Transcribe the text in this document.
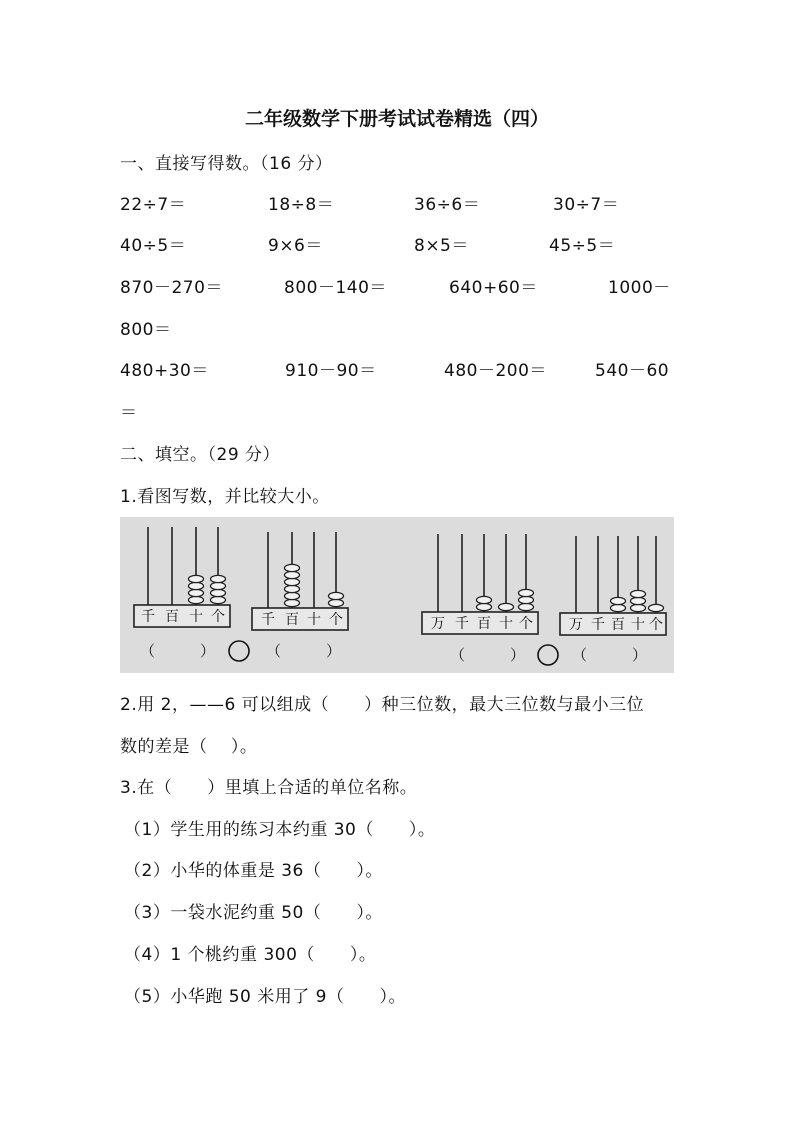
二年级数学下册考试试卷精选（四）
一、直接写得数。（16 分）
22÷7＝	18÷8＝	36÷6＝	30÷7＝
40÷5＝	9×6＝	8×5＝	45÷5＝
870－270＝	800－140＝	640+60＝	1000－
800＝
480+30＝	910－90＝	480－200＝	540－60
＝
二、填空。（29 分）
1.看图写数，并比较大小。
千 百 十 个	千 百 十 个	万 千 百 十 个	万 千 百 十 个
（　　　）	（　　　）	（　　　）	（　　　）
2.用 2，——6 可以组成（　　）种三位数，最大三位数与最小三位
数的差是（　 ）。
3.在（　　）里填上合适的单位名称。
（1）学生用的练习本约重 30（　　）。
（2）小华的体重是 36（　　）。
（3）一袋水泥约重 50（　　）。
（4）1 个桃约重 300（　　）。
（5）小华跑 50 米用了 9（　　）。
